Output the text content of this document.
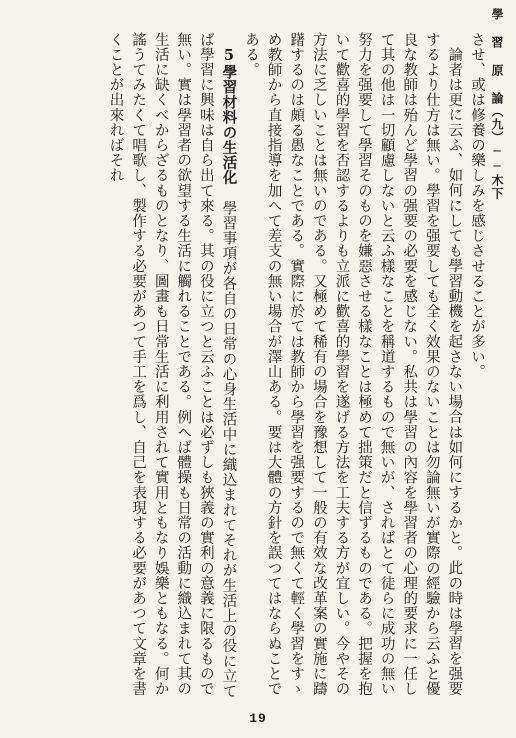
學 習 原 論（九）──木下

させ、或は修養の樂しみを感じさせることが多い。

論者は更に云ふ、如何にしても學習動機を起さない場合は如何にするかと。此の時は學習を强要するより仕方は無い。學習を强要しても全く效果のないことは勿論無いが實際の經驗から云ふと優良な教師は殆んど學習の强要の必要を感じない。私共は學習の內容を學習者の心理的要求に一任して其の他は一切顧慮しないと云ふ樣なことを稱道するもので無いが、さればとて徒らに成功の無い努力を强要して學習そのものを嫌惡させる樣なことは極めて拙策だと信ずるものである。把握を抱いて歡喜的學習を否認するよりも立派に歡喜的學習を遂げる方法を工夫する方が宜しい。今やその方法に乏しいことは無いのである。又極めて稀有の場合を豫想して一般の有效な改革案の實施に躊躇するのは頗る愚なことである。實際に於ては教師から學習を强要するので無くて輕く學習をすゝめ教師から直接指導を加へて差支の無い場合が澤山ある。要は大體の方針を誤つてはならぬことである。

5學習材料の生活化　學習事項が各自の日常の心身生活中に織込まれてそれが生活上の役に立てば學習に興味は自ら出て來る。其の役に立つと云ふことは必ずしも狹義の實利の意義に限るもので無い。實は學習者の欲望する生活に觸れることである。例へば體操も日常の活動に織込まれて其の生活に缺くべからざるものとなり、圖畫も日常生活に利用されて實用ともなり娛樂ともなる。何か謠うてみたくて唱歌し、製作する必要があつて手工を爲し、自己を表現する必要があつて文章を書くことが出來ればそれ

19
